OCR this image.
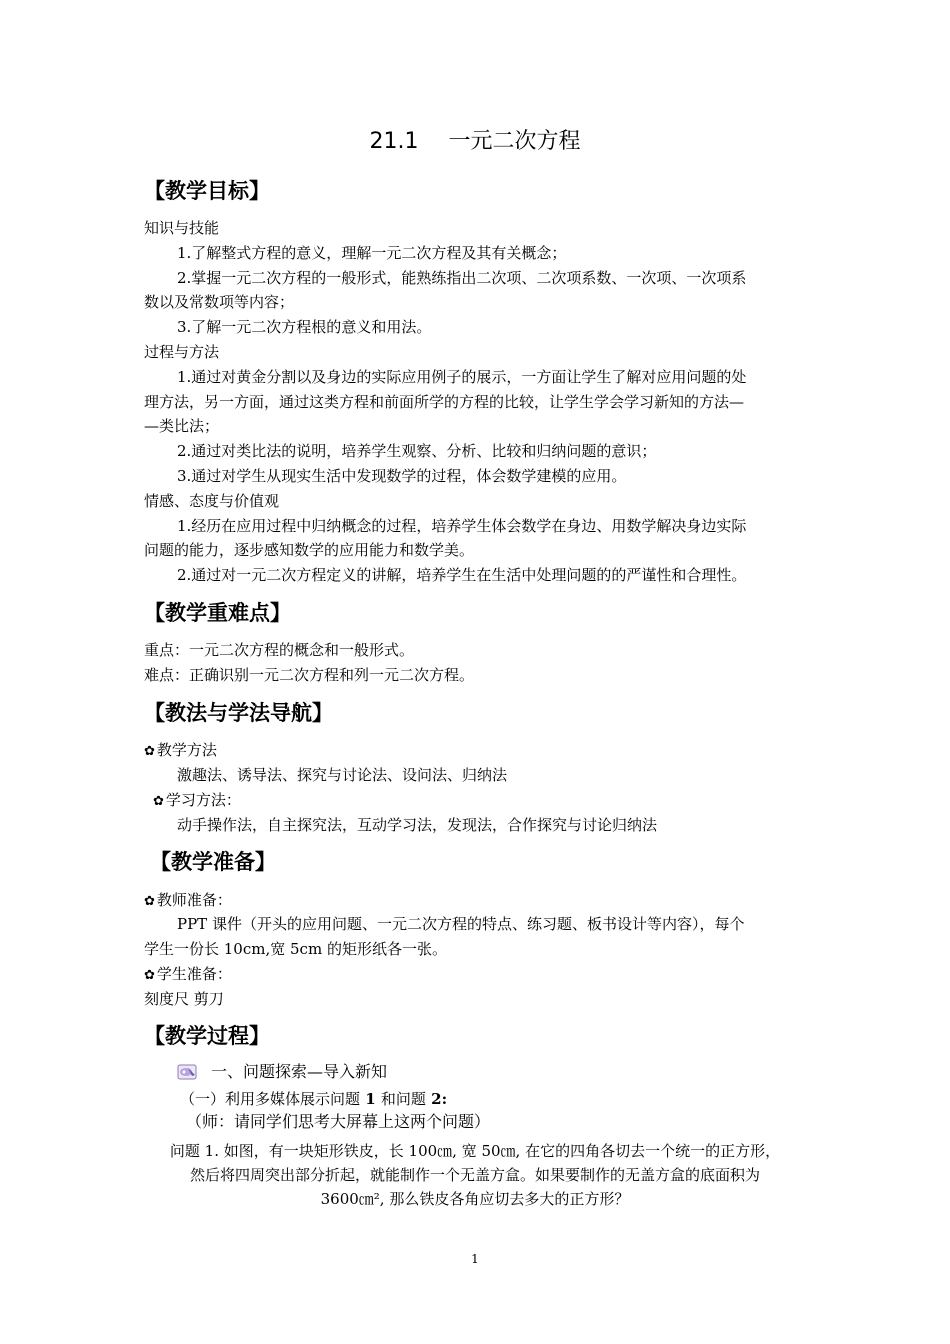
21.1 一元二次方程
【教学目标】
知识与技能
1.了解整式方程的意义，理解一元二次方程及其有关概念；
2.掌握一元二次方程的一般形式，能熟练指出二次项、二次项系数、一次项、一次项系
数以及常数项等内容；
3.了解一元二次方程根的意义和用法。
过程与方法
1.通过对黄金分割以及身边的实际应用例子的展示，一方面让学生了解对应用问题的处
理方法，另一方面，通过这类方程和前面所学的方程的比较，让学生学会学习新知的方法—
—类比法；
2.通过对类比法的说明，培养学生观察、分析、比较和归纳问题的意识；
3.通过对学生从现实生活中发现数学的过程，体会数学建模的应用。
情感、态度与价值观
1.经历在应用过程中归纳概念的过程，培养学生体会数学在身边、用数学解决身边实际
问题的能力，逐步感知数学的应用能力和数学美。
2.通过对一元二次方程定义的讲解，培养学生在生活中处理问题的的严谨性和合理性。
【教学重难点】
重点：一元二次方程的概念和一般形式。
难点：正确识别一元二次方程和列一元二次方程。
【教法与学法导航】
✿ 教学方法
激趣法、诱导法、探究与讨论法、设问法、归纳法
✿ 学习方法：
动手操作法，自主探究法，互动学习法，发现法，合作探究与讨论归纳法
【教学准备】
✿ 教师准备：
PPT 课件（开头的应用问题、一元二次方程的特点、练习题、板书设计等内容），每个
学生一份长 10cm,宽 5cm 的矩形纸各一张。
✿ 学生准备：
刻度尺 剪刀
【教学过程】
一、问题探索—导入新知
（一）利用多媒体展示问题 1 和问题 2:
（师：请同学们思考大屏幕上这两个问题）
问题 1. 如图，有一块矩形铁皮，长 100㎝, 宽 50㎝, 在它的四角各切去一个统一的正方形，
然后将四周突出部分折起，就能制作一个无盖方盒。如果要制作的无盖方盒的底面积为
3600㎝², 那么铁皮各角应切去多大的正方形？
1
